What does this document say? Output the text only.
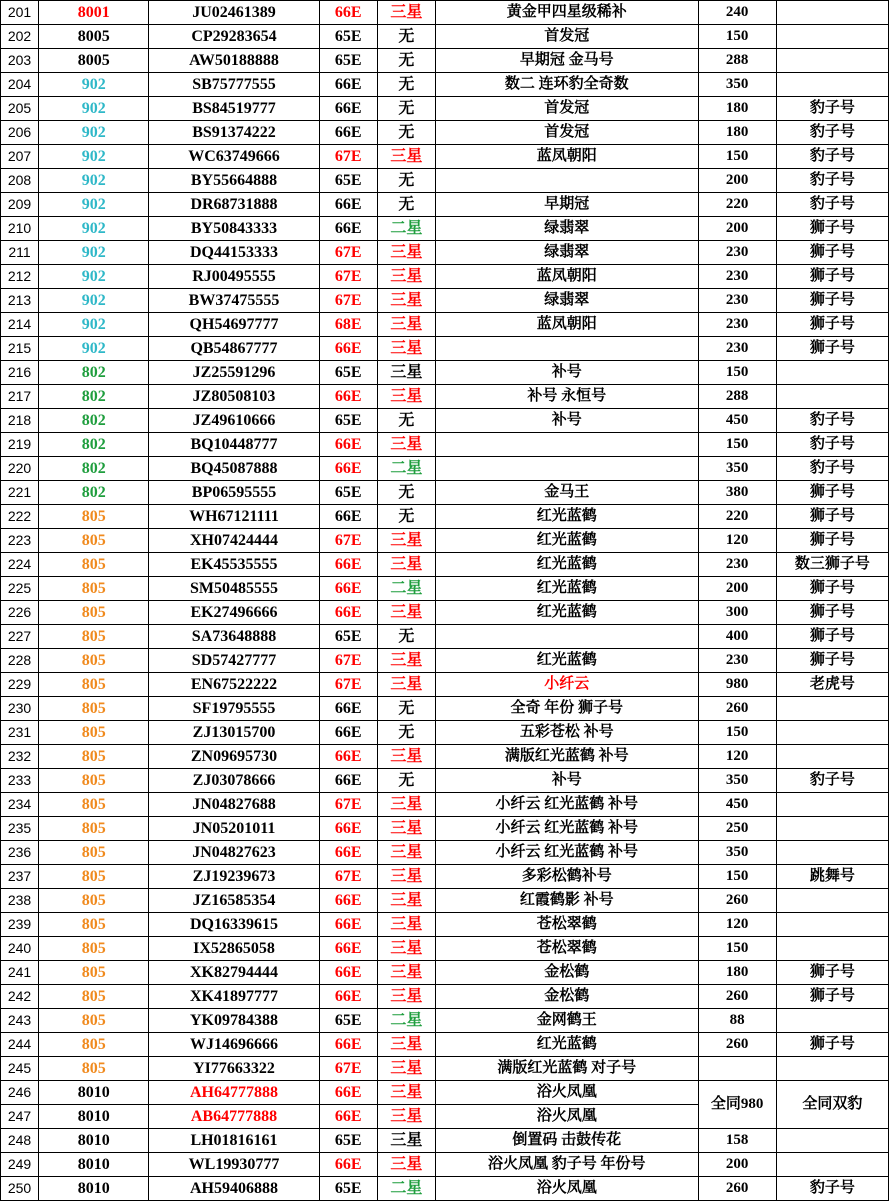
201	8001	JU02461389	66E	三星	黄金甲四星级稀补	240	
202	8005	CP29283654	65E	无	首发冠	150	
203	8005	AW50188888	65E	无	早期冠 金马号	288	
204	902	SB75777555	66E	无	数二 连环豹全奇数	350	
205	902	BS84519777	66E	无	首发冠	180	豹子号
206	902	BS91374222	66E	无	首发冠	180	豹子号
207	902	WC63749666	67E	三星	蓝凤朝阳	150	豹子号
208	902	BY55664888	65E	无		200	豹子号
209	902	DR68731888	66E	无	早期冠	220	豹子号
210	902	BY50843333	66E	二星	绿翡翠	200	狮子号
211	902	DQ44153333	67E	三星	绿翡翠	230	狮子号
212	902	RJ00495555	67E	三星	蓝凤朝阳	230	狮子号
213	902	BW37475555	67E	三星	绿翡翠	230	狮子号
214	902	QH54697777	68E	三星	蓝凤朝阳	230	狮子号
215	902	QB54867777	66E	三星		230	狮子号
216	802	JZ25591296	65E	三星	补号	150	
217	802	JZ80508103	66E	三星	补号 永恒号	288	
218	802	JZ49610666	65E	无	补号	450	豹子号
219	802	BQ10448777	66E	三星		150	豹子号
220	802	BQ45087888	66E	二星		350	豹子号
221	802	BP06595555	65E	无	金马王	380	狮子号
222	805	WH67121111	66E	无	红光蓝鹤	220	狮子号
223	805	XH07424444	67E	三星	红光蓝鹤	120	狮子号
224	805	EK45535555	66E	三星	红光蓝鹤	230	数三狮子号
225	805	SM50485555	66E	二星	红光蓝鹤	200	狮子号
226	805	EK27496666	66E	三星	红光蓝鹤	300	狮子号
227	805	SA73648888	65E	无		400	狮子号
228	805	SD57427777	67E	三星	红光蓝鹤	230	狮子号
229	805	EN67522222	67E	三星	小纤云	980	老虎号
230	805	SF19795555	66E	无	全奇 年份 狮子号	260	
231	805	ZJ13015700	66E	无	五彩苍松 补号	150	
232	805	ZN09695730	66E	三星	满版红光蓝鹤 补号	120	
233	805	ZJ03078666	66E	无	补号	350	豹子号
234	805	JN04827688	67E	三星	小纤云 红光蓝鹤 补号	450	
235	805	JN05201011	66E	三星	小纤云 红光蓝鹤 补号	250	
236	805	JN04827623	66E	三星	小纤云 红光蓝鹤 补号	350	
237	805	ZJ19239673	67E	三星	多彩松鹤补号	150	跳舞号
238	805	JZ16585354	66E	三星	红霞鹤影 补号	260	
239	805	DQ16339615	66E	三星	苍松翠鹤	120	
240	805	IX52865058	66E	三星	苍松翠鹤	150	
241	805	XK82794444	66E	三星	金松鹤	180	狮子号
242	805	XK41897777	66E	三星	金松鹤	260	狮子号
243	805	YK09784388	65E	二星	金网鹤王	88	
244	805	WJ14696666	66E	三星	红光蓝鹤	260	狮子号
245	805	YI77663322	67E	三星	满版红光蓝鹤 对子号		
246	8010	AH64777888	66E	三星	浴火凤凰	全同980	全同双豹
247	8010	AB64777888	66E	三星	浴火凤凰		
248	8010	LH01816161	65E	三星	倒置码 击鼓传花	158	
249	8010	WL19930777	66E	三星	浴火凤凰 豹子号 年份号	200	
250	8010	AH59406888	65E	二星	浴火凤凰	260	豹子号
